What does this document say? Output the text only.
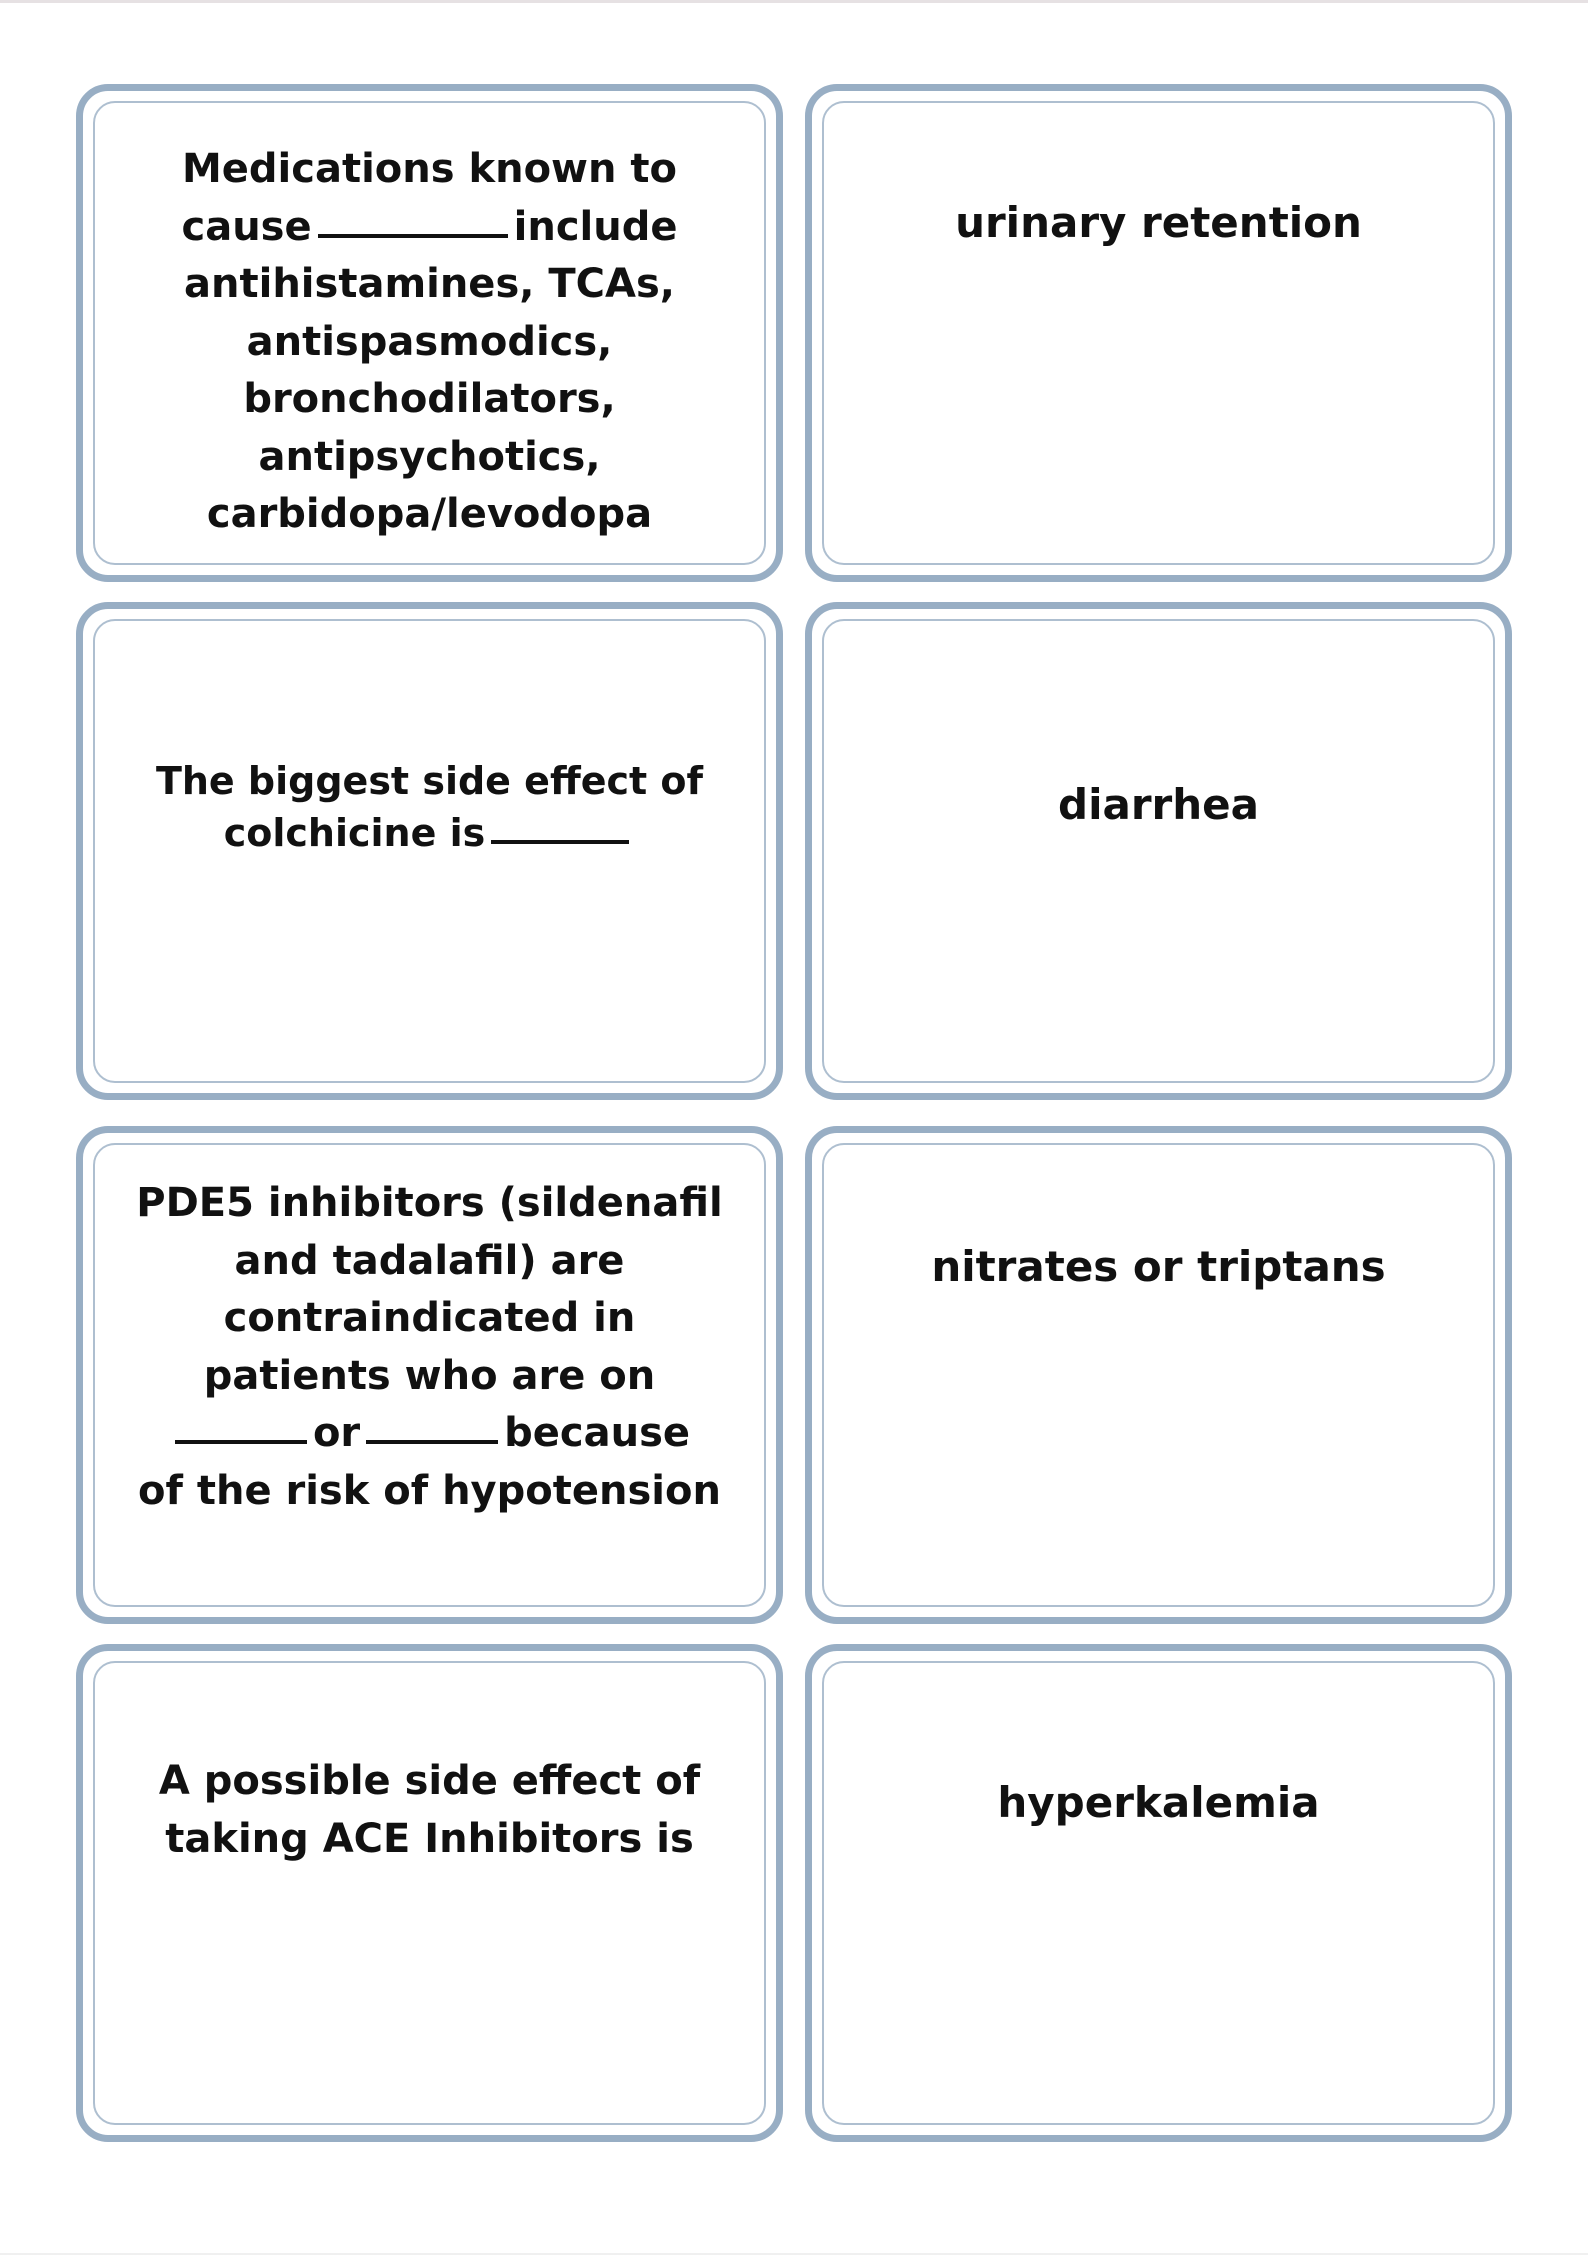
Medications known to
cause	include
antihistamines, TCAs,
antispasmodics,
bronchodilators,
antipsychotics,
carbidopa/levodopa
urinary retention
The biggest side effect of
colchicine is
diarrhea
PDE5 inhibitors (sildenafil
and tadalafil) are
contraindicated in
patients who are on
or	because
of the risk of hypotension
nitrates or triptans
A possible side effect of
taking ACE Inhibitors is
hyperkalemia
